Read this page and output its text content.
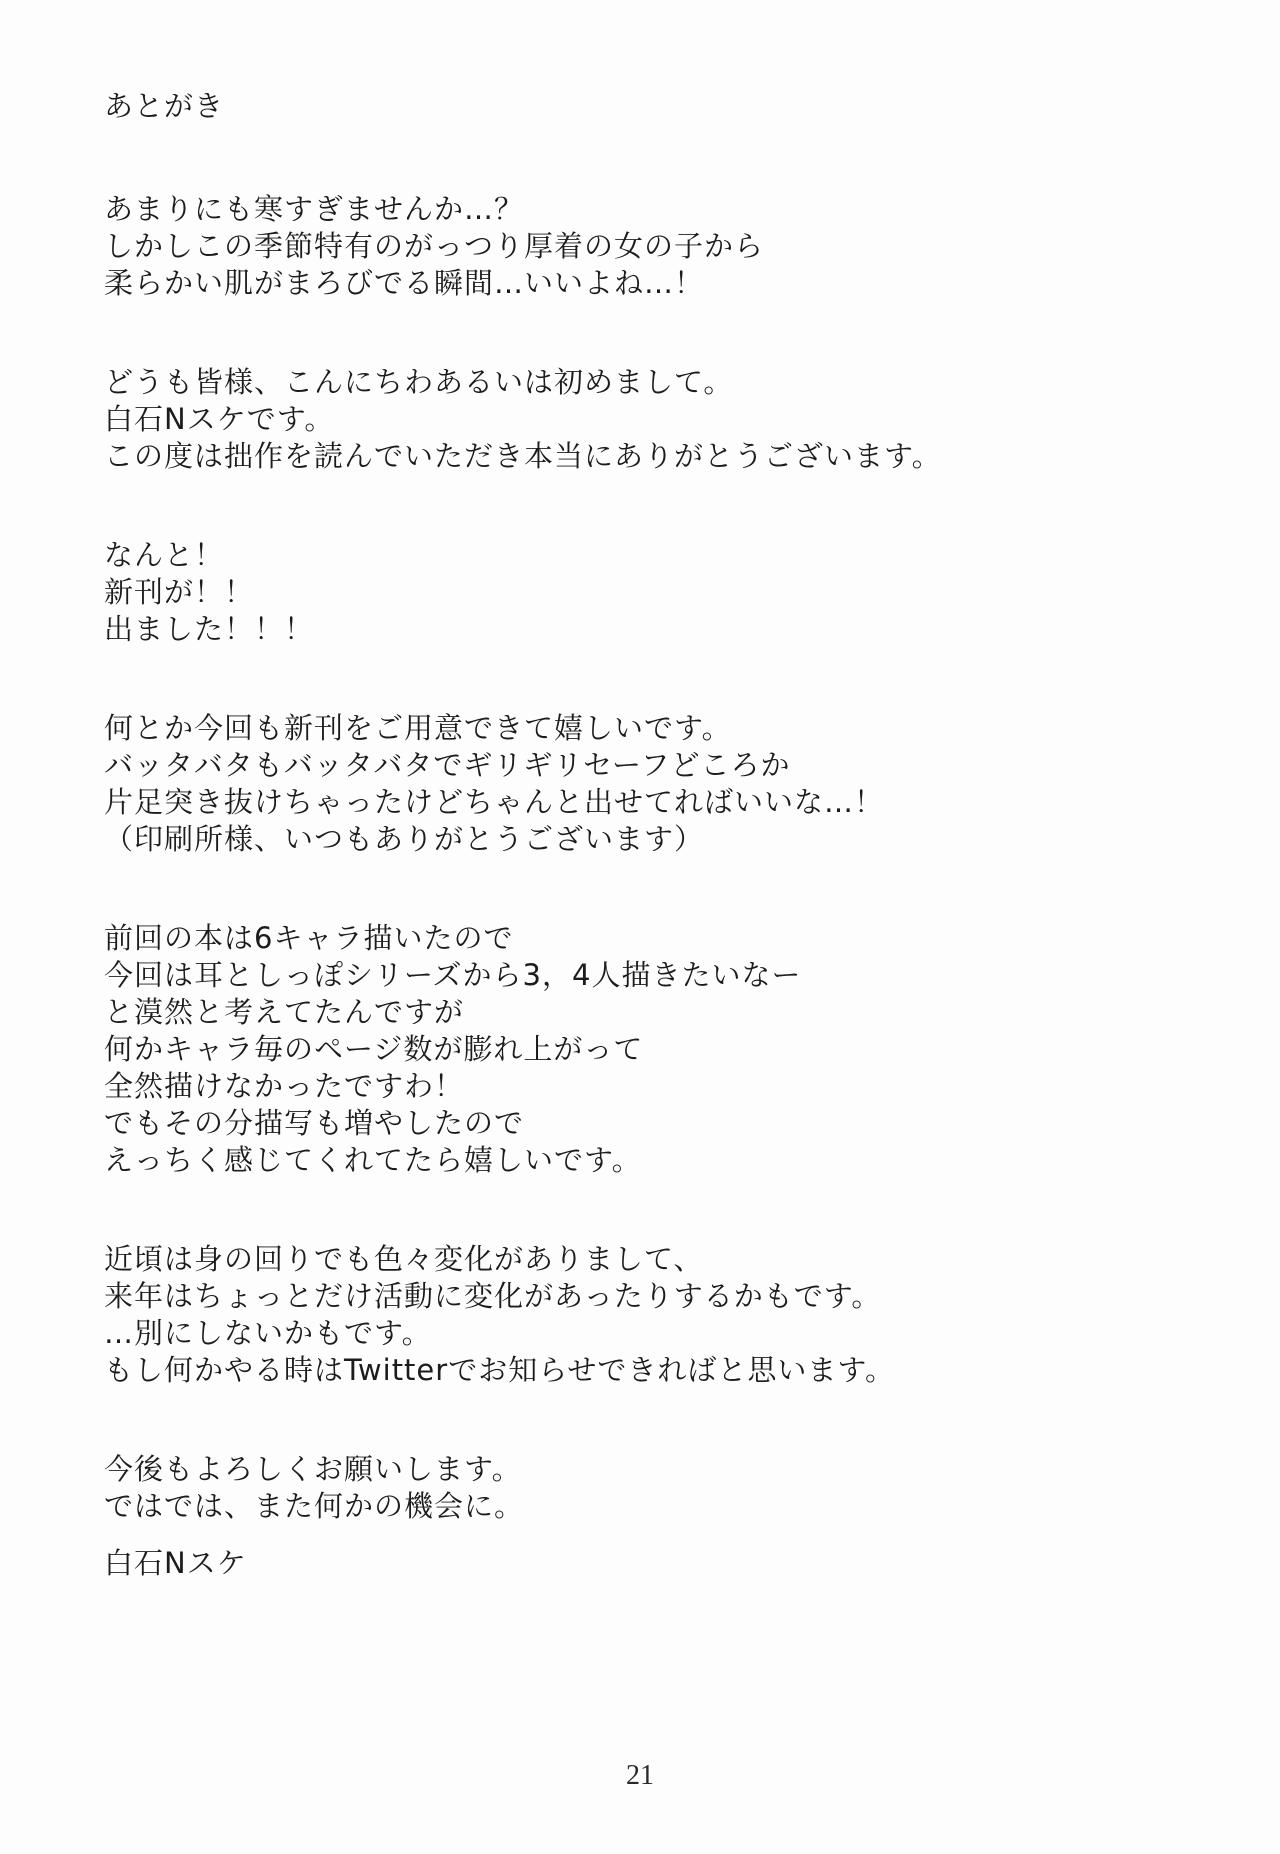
あとがき
あまりにも寒すぎませんか…？
しかしこの季節特有のがっつり厚着の女の子から
柔らかい肌がまろびでる瞬間…いいよね…！
どうも皆様、こんにちわあるいは初めまして。
白石Nスケです。
この度は拙作を読んでいただき本当にありがとうございます。
なんと！
新刊が！！
出ました！！！
何とか今回も新刊をご用意できて嬉しいです。
バッタバタもバッタバタでギリギリセーフどころか
片足突き抜けちゃったけどちゃんと出せてればいいな…！
（印刷所様、いつもありがとうございます）
前回の本は6キャラ描いたので
今回は耳としっぽシリーズから3，4人描きたいなー
と漠然と考えてたんですが
何かキャラ毎のページ数が膨れ上がって
全然描けなかったですわ！
でもその分描写も増やしたので
えっちく感じてくれてたら嬉しいです。
近頃は身の回りでも色々変化がありまして、
来年はちょっとだけ活動に変化があったりするかもです。
…別にしないかもです。
もし何かやる時はTwitterでお知らせできればと思います。
今後もよろしくお願いします。
ではでは、また何かの機会に。
白石Nスケ
21
